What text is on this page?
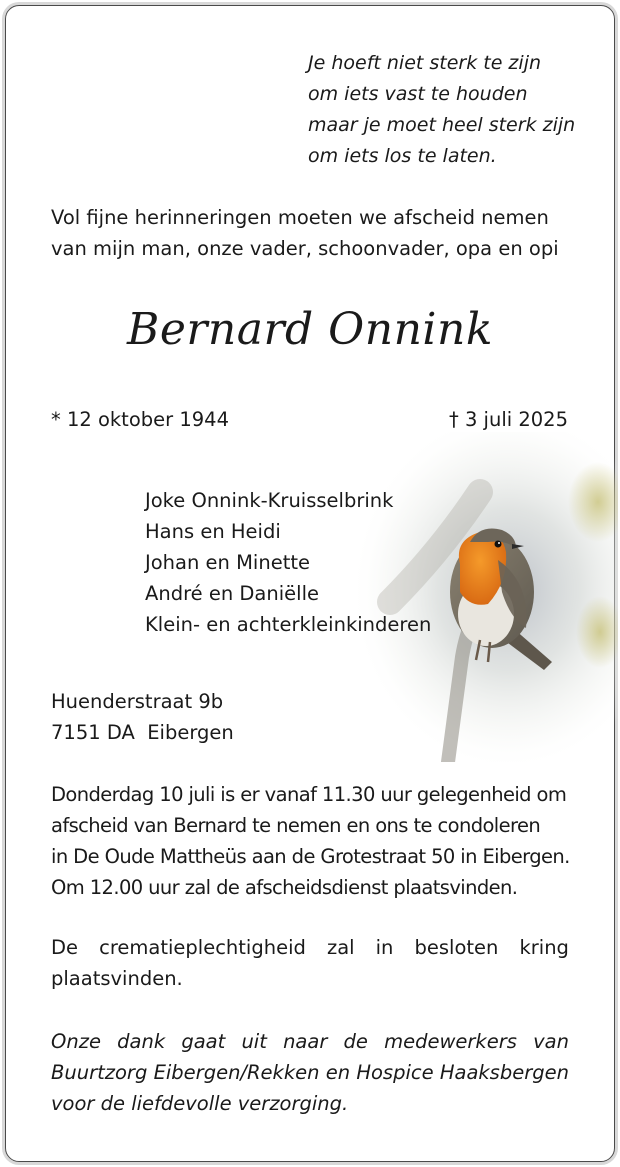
Je hoeft niet sterk te zijn
om iets vast te houden
maar je moet heel sterk zijn
om iets los te laten.
Vol fijne herinneringen moeten we afscheid nemen
van mijn man, onze vader, schoonvader, opa en opi
Bernard Onnink
* 12 oktober 1944	† 3 juli 2025
Joke Onnink-Kruisselbrink
Hans en Heidi
Johan en Minette
André en Daniëlle
Klein- en achterkleinkinderen
Huenderstraat 9b
7151 DA  Eibergen
Donderdag 10 juli is er vanaf 11.30 uur gelegenheid om
afscheid van Bernard te nemen en ons te condoleren
in De Oude Mattheüs aan de Grotestraat 50 in Eibergen.
Om 12.00 uur zal de afscheidsdienst plaatsvinden.
De crematieplechtigheid zal in besloten kring
plaatsvinden.
Onze dank gaat uit naar de medewerkers van
Buurtzorg Eibergen/Rekken en Hospice Haaksbergen
voor de liefdevolle verzorging.
